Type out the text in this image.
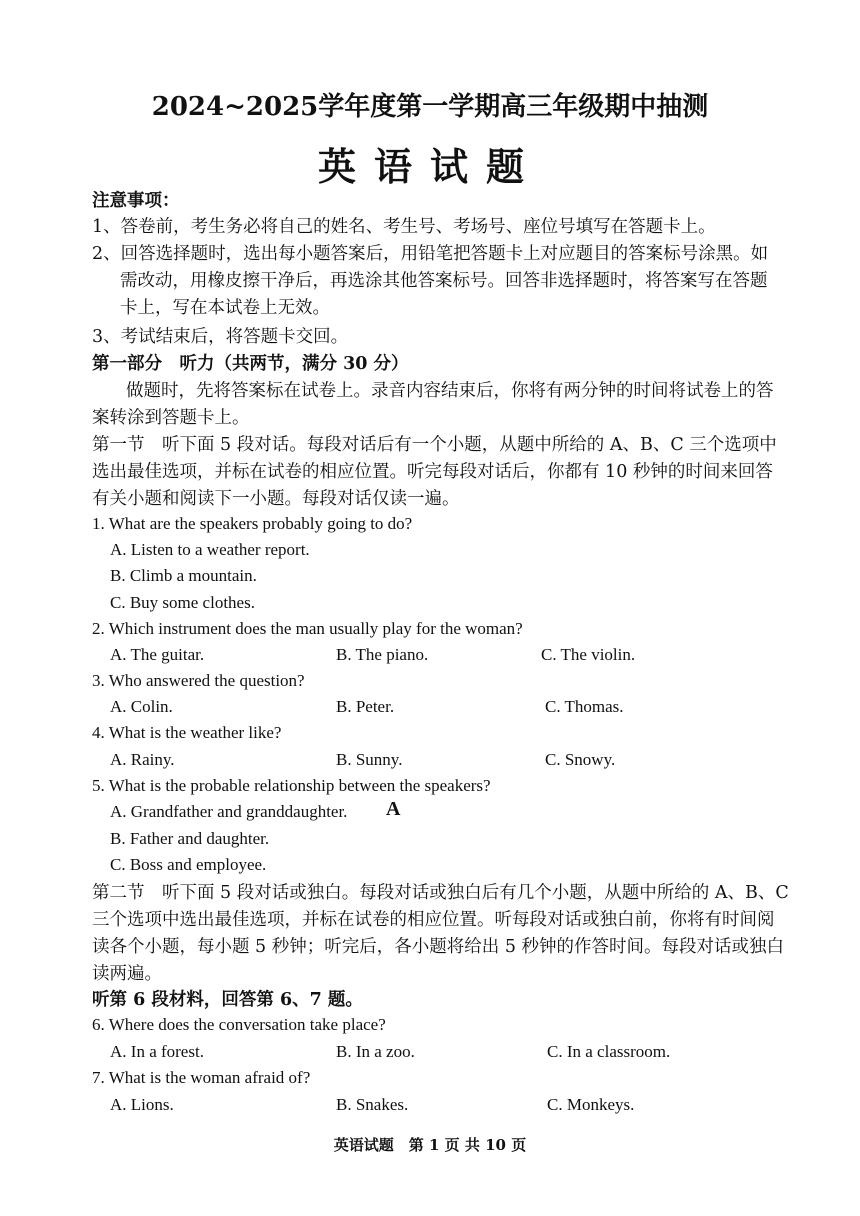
2024~2025学年度第一学期高三年级期中抽测
英语试题
注意事项：
1、答卷前，考生务必将自己的姓名、考生号、考场号、座位号填写在答题卡上。
2、回答选择题时，选出每小题答案后，用铅笔把答题卡上对应题目的答案标号涂黑。如
需改动，用橡皮擦干净后，再选涂其他答案标号。回答非选择题时，将答案写在答题
卡上，写在本试卷上无效。
3、考试结束后，将答题卡交回。
第一部分　听力（共两节，满分 30 分）
做题时，先将答案标在试卷上。录音内容结束后，你将有两分钟的时间将试卷上的答
案转涂到答题卡上。
第一节　听下面 5 段对话。每段对话后有一个小题，从题中所给的 A、B、C 三个选项中
选出最佳选项，并标在试卷的相应位置。听完每段对话后，你都有 10 秒钟的时间来回答
有关小题和阅读下一小题。每段对话仅读一遍。
1. What are the speakers probably going to do?
A. Listen to a weather report.
B. Climb a mountain.
C. Buy some clothes.
2. Which instrument does the man usually play for the woman?
A. The guitar.	B. The piano.	C. The violin.
3. Who answered the question?
A. Colin.	B. Peter.	C. Thomas.
4. What is the weather like?
A. Rainy.	B. Sunny.	C. Snowy.
5. What is the probable relationship between the speakers?
A. Grandfather and granddaughter. A
B. Father and daughter.
C. Boss and employee.
第二节　听下面 5 段对话或独白。每段对话或独白后有几个小题，从题中所给的 A、B、C
三个选项中选出最佳选项，并标在试卷的相应位置。听每段对话或独白前，你将有时间阅
读各个小题，每小题 5 秒钟；听完后，各小题将给出 5 秒钟的作答时间。每段对话或独白
读两遍。
听第 6 段材料，回答第 6、7 题。
6. Where does the conversation take place?
A. In a forest.	B. In a zoo.	C. In a classroom.
7. What is the woman afraid of?
A. Lions.	B. Snakes.	C. Monkeys.
英语试题　第 1 页 共 10 页
